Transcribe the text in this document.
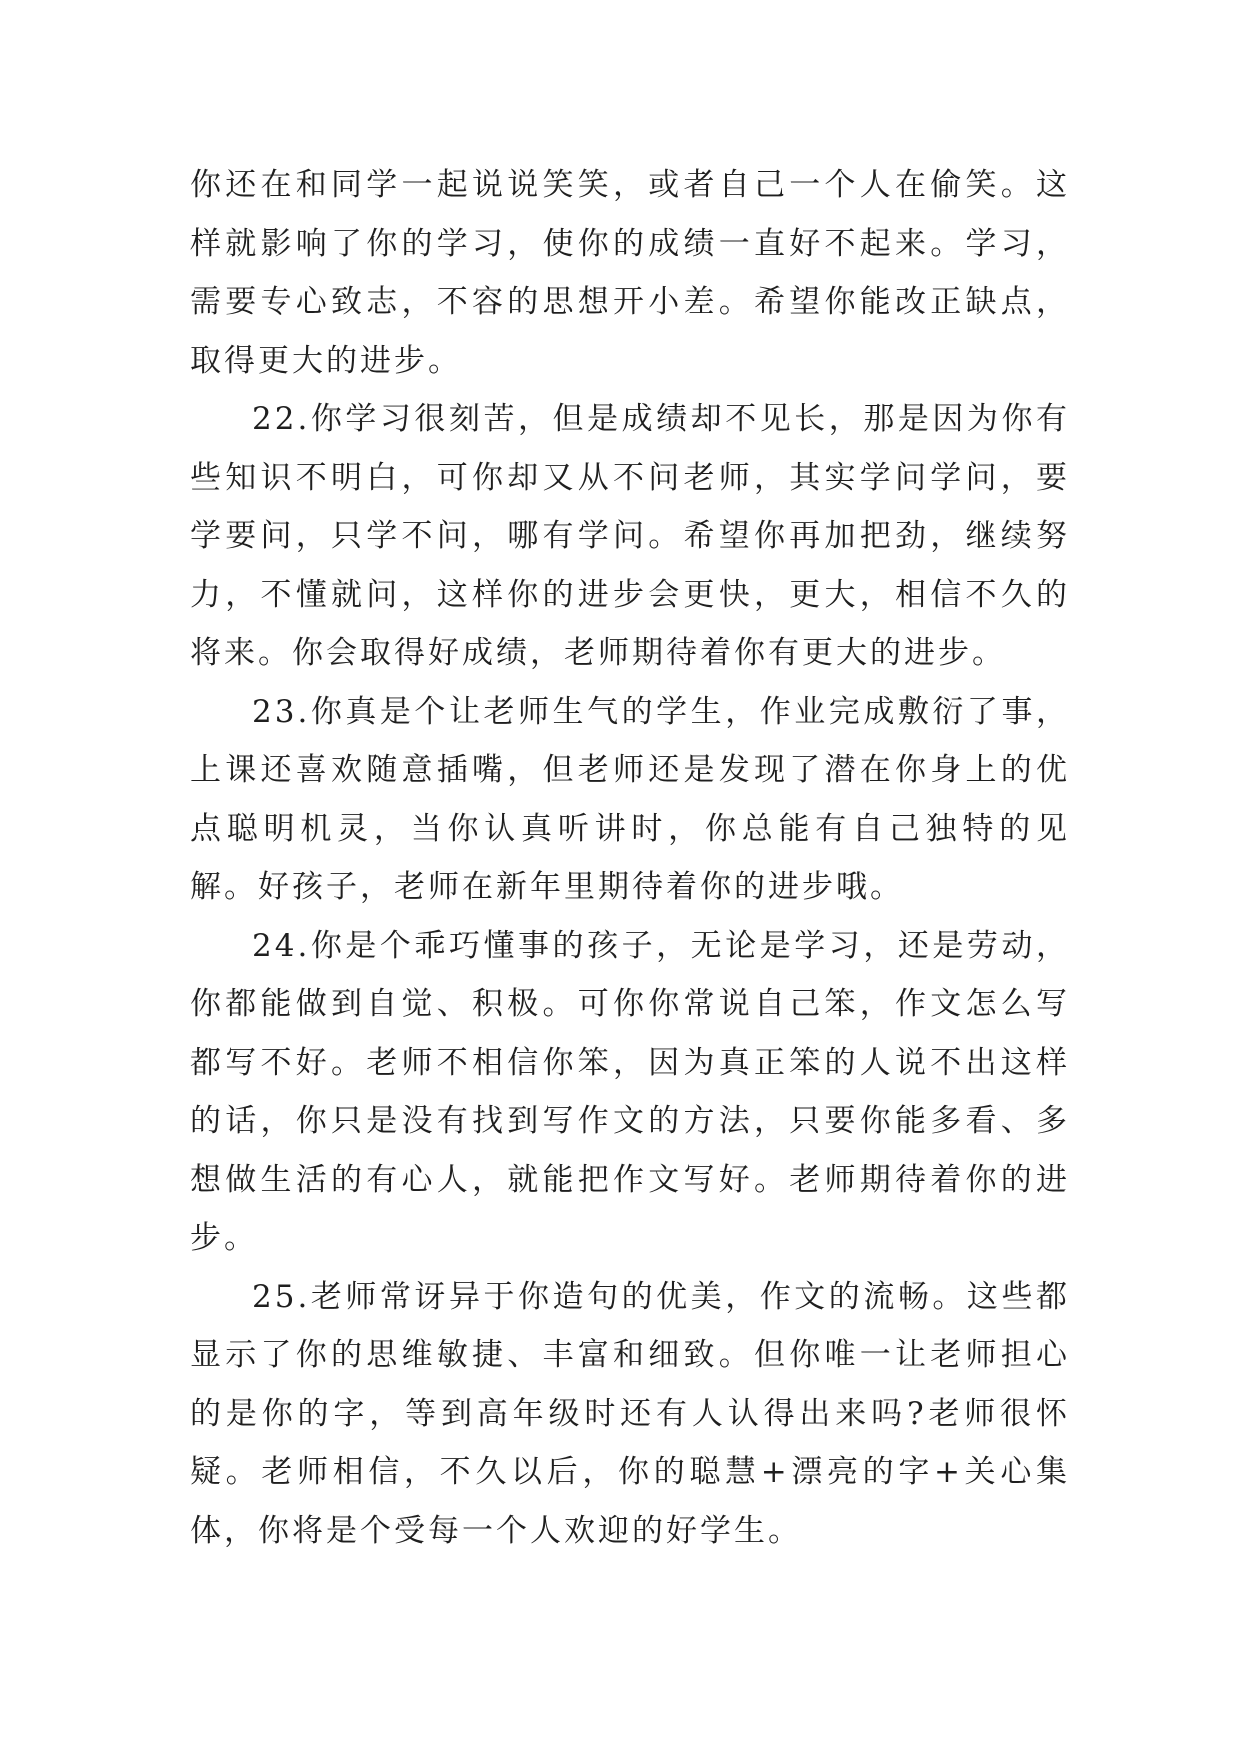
你还在和同学一起说说笑笑，或者自己一个人在偷笑。这样就影响了你的学习，使你的成绩一直好不起来。学习，需要专心致志，不容的思想开小差。希望你能改正缺点，取得更大的进步。

22.你学习很刻苦，但是成绩却不见长，那是因为你有些知识不明白，可你却又从不问老师，其实学问学问，要学要问，只学不问，哪有学问。希望你再加把劲，继续努力，不懂就问，这样你的进步会更快，更大，相信不久的将来。你会取得好成绩，老师期待着你有更大的进步。

23.你真是个让老师生气的学生，作业完成敷衍了事，上课还喜欢随意插嘴，但老师还是发现了潜在你身上的优点聪明机灵，当你认真听讲时，你总能有自己独特的见解。好孩子，老师在新年里期待着你的进步哦。

24.你是个乖巧懂事的孩子，无论是学习，还是劳动，你都能做到自觉、积极。可你你常说自己笨，作文怎么写都写不好。老师不相信你笨，因为真正笨的人说不出这样的话，你只是没有找到写作文的方法，只要你能多看、多想做生活的有心人，就能把作文写好。老师期待着你的进步。

25.老师常讶异于你造句的优美，作文的流畅。这些都显示了你的思维敏捷、丰富和细致。但你唯一让老师担心的是你的字，等到高年级时还有人认得出来吗?老师很怀疑。老师相信，不久以后，你的聪慧+漂亮的字+关心集体，你将是个受每一个人欢迎的好学生。
